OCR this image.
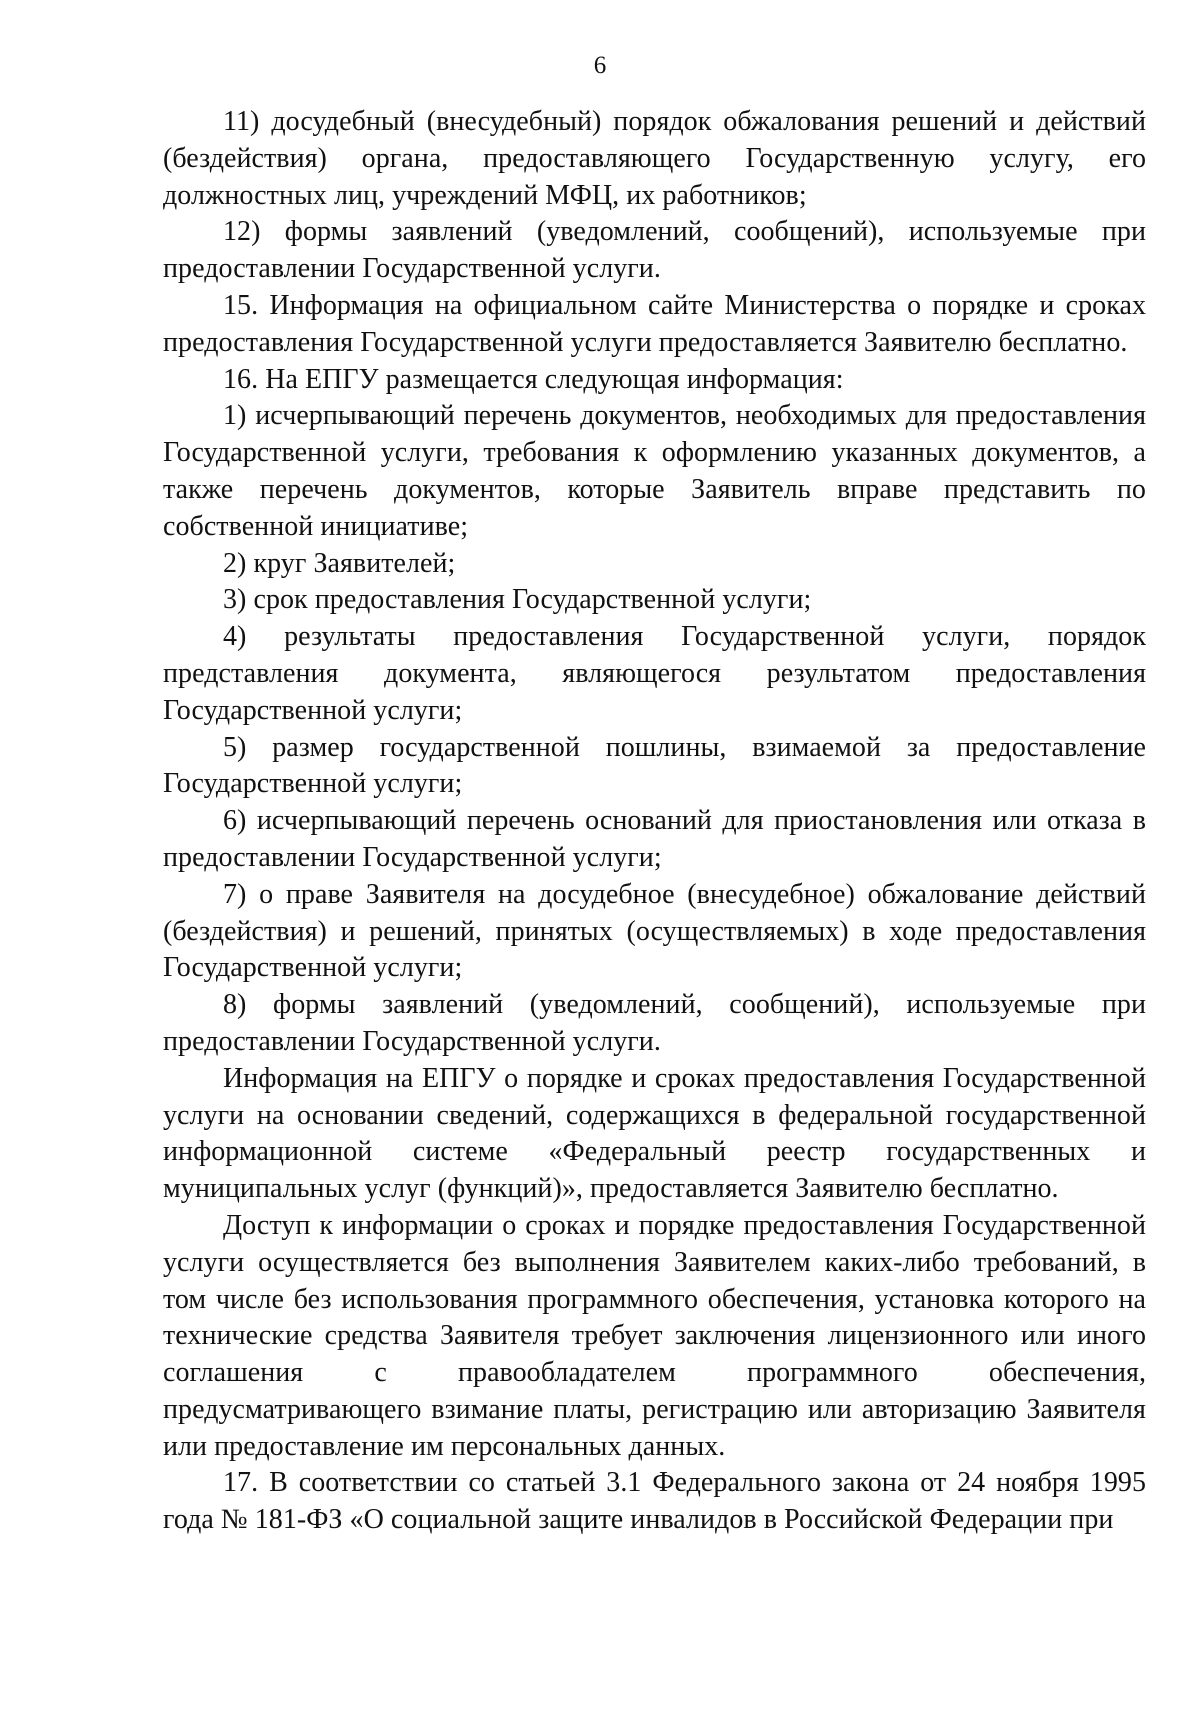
6

11) досудебный (внесудебный) порядок обжалования решений и действий (бездействия) органа, предоставляющего Государственную услугу, его должностных лиц, учреждений МФЦ, их работников;

12) формы заявлений (уведомлений, сообщений), используемые при предоставлении Государственной услуги.

15. Информация на официальном сайте Министерства о порядке и сроках предоставления Государственной услуги предоставляется Заявителю бесплатно.

16. На ЕПГУ размещается следующая информация:

1) исчерпывающий перечень документов, необходимых для предоставления Государственной услуги, требования к оформлению указанных документов, а также перечень документов, которые Заявитель вправе представить по собственной инициативе;

2) круг Заявителей;

3) срок предоставления Государственной услуги;

4) результаты предоставления Государственной услуги, порядок представления документа, являющегося результатом предоставления Государственной услуги;

5) размер государственной пошлины, взимаемой за предоставление Государственной услуги;

6) исчерпывающий перечень оснований для приостановления или отказа в предоставлении Государственной услуги;

7) о праве Заявителя на досудебное (внесудебное) обжалование действий (бездействия) и решений, принятых (осуществляемых) в ходе предоставления Государственной услуги;

8) формы заявлений (уведомлений, сообщений), используемые при предоставлении Государственной услуги.

Информация на ЕПГУ о порядке и сроках предоставления Государственной услуги на основании сведений, содержащихся в федеральной государственной информационной системе «Федеральный реестр государственных и муниципальных услуг (функций)», предоставляется Заявителю бесплатно.

Доступ к информации о сроках и порядке предоставления Государственной услуги осуществляется без выполнения Заявителем каких-либо требований, в том числе без использования программного обеспечения, установка которого на технические средства Заявителя требует заключения лицензионного или иного соглашения с правообладателем программного обеспечения, предусматривающего взимание платы, регистрацию или авторизацию Заявителя или предоставление им персональных данных.

17. В соответствии со статьей 3.1 Федерального закона от 24 ноября 1995 года № 181-ФЗ «О социальной защите инвалидов в Российской Федерации при
